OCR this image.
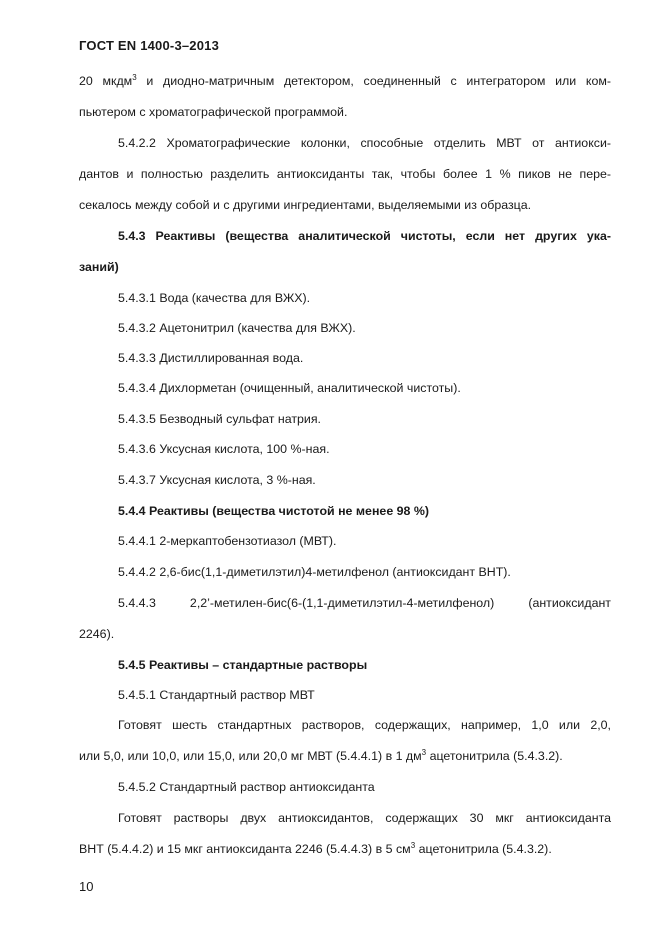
ГОСТ EN 1400-3–2013
20 мкдм$^3$ и диодно-матричным детектором, соединенный с интегратором или ком-
пьютером с хроматографической программой.
5.4.2.2 Хроматографические колонки, способные отделить МВТ от антиокси-
дантов и полностью разделить антиоксиданты так, чтобы более 1 % пиков не пере-
секалось между собой и с другими ингредиентами, выделяемыми из образца.
5.4.3 Реактивы (вещества аналитической чистоты, если нет других ука-
заний)
5.4.3.1 Вода (качества для ВЖХ).
5.4.3.2 Ацетонитрил (качества для ВЖХ).
5.4.3.3 Дистиллированная вода.
5.4.3.4 Дихлорметан (очищенный, аналитической чистоты).
5.4.3.5 Безводный сульфат натрия.
5.4.3.6 Уксусная кислота, 100 %-ная.
5.4.3.7 Уксусная кислота, 3 %-ная.
5.4.4 Реактивы (вещества чистотой не менее 98 %)
5.4.4.1 2-меркаптобензотиазол (МВТ).
5.4.4.2 2,6-бис(1,1-диметилэтил)4-метилфенол (антиоксидант ВНТ).
5.4.4.3 2,2’-метилен-бис(6-(1,1-диметилэтил-4-метилфенол) (антиоксидант
2246).
5.4.5 Реактивы – стандартные растворы
5.4.5.1 Стандартный раствор МВТ
Готовят шесть стандартных растворов, содержащих, например, 1,0 или 2,0,
или 5,0, или 10,0, или 15,0, или 20,0 мг МВТ (5.4.4.1) в 1 $дм^3$ ацетонитрила (5.4.3.2).
5.4.5.2 Стандартный раствор антиоксиданта
Готовят растворы двух антиоксидантов, содержащих 30 мкг антиоксиданта
ВНТ (5.4.4.2) и 15 мкг антиоксиданта 2246 (5.4.4.3) в 5 $см^3$ ацетонитрила (5.4.3.2).
10
